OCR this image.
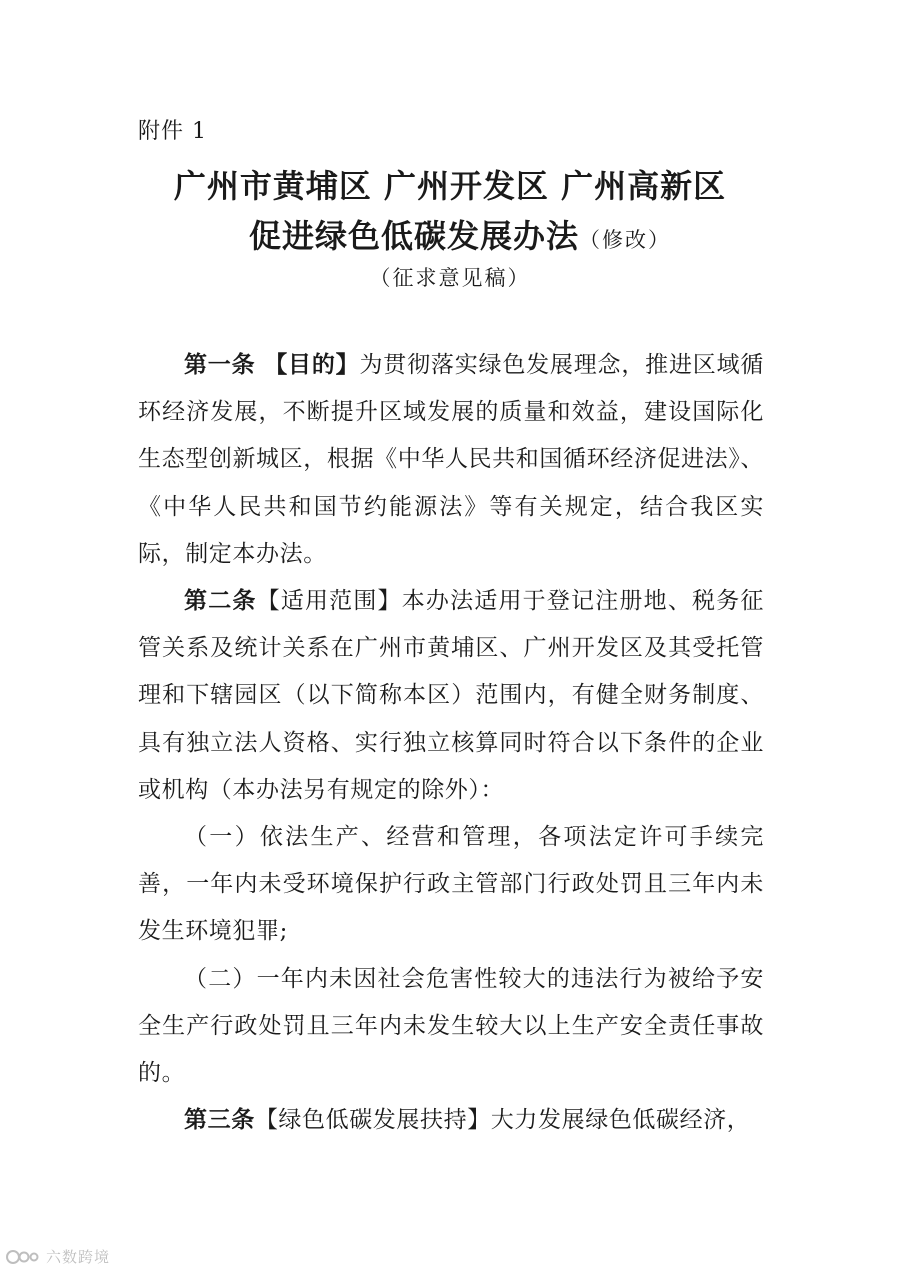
附件 1
广州市黄埔区 广州开发区 广州高新区
促进绿色低碳发展办法（修改）
（征求意见稿）

第一条 【目的】为贯彻落实绿色发展理念，推进区域循环经济发展，不断提升区域发展的质量和效益，建设国际化生态型创新城区，根据《中华人民共和国循环经济促进法》、《中华人民共和国节约能源法》等有关规定，结合我区实际，制定本办法。

第二条【适用范围】本办法适用于登记注册地、税务征管关系及统计关系在广州市黄埔区、广州开发区及其受托管理和下辖园区（以下简称本区）范围内，有健全财务制度、具有独立法人资格、实行独立核算同时符合以下条件的企业或机构（本办法另有规定的除外）：

（一）依法生产、经营和管理，各项法定许可手续完善，一年内未受环境保护行政主管部门行政处罚且三年内未发生环境犯罪;

（二）一年内未因社会危害性较大的违法行为被给予安全生产行政处罚且三年内未发生较大以上生产安全责任事故的。

第三条【绿色低碳发展扶持】大力发展绿色低碳经济，

六数跨境
